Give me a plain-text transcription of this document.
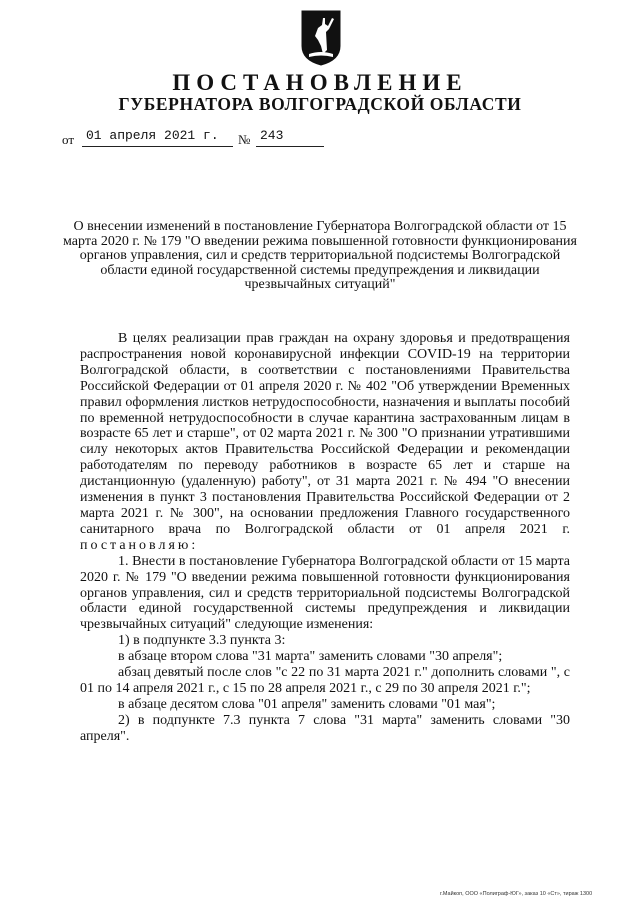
ПОСТАНОВЛЕНИЕ
ГУБЕРНАТОРА ВОЛГОГРАДСКОЙ ОБЛАСТИ
от 01 апреля 2021 г.	№ 243

О внесении изменений в постановление Губернатора Волгоградской области от 15 марта 2020 г. № 179 "О введении режима повышенной готовности функционирования органов управления, сил и средств территориальной подсистемы Волгоградской области единой государственной системы предупреждения и ликвидации чрезвычайных ситуаций"

В целях реализации прав граждан на охрану здоровья и предотвращения распространения новой коронавирусной инфекции COVID-19 на территории Волгоградской области, в соответствии с постановлениями Правительства Российской Федерации от 01 апреля 2020 г. № 402 "Об утверждении Временных правил оформления листков нетрудоспособности, назначения и выплаты пособий по временной нетрудоспособности в случае карантина застрахованным лицам в возрасте 65 лет и старше", от 02 марта 2021 г. № 300 "О признании утратившими силу некоторых актов Правительства Российской Федерации и рекомендации работодателям по переводу работников в возрасте 65 лет и старше на дистанционную (удаленную) работу", от 31 марта 2021 г. № 494 "О внесении изменения в пункт 3 постановления Правительства Российской Федерации от 2 марта 2021 г. № 300", на основании предложения Главного государственного санитарного врача по Волгоградской области от 01 апреля 2021 г. постановляю:

1. Внести в постановление Губернатора Волгоградской области от 15 марта 2020 г. № 179 "О введении режима повышенной готовности функционирования органов управления, сил и средств территориальной подсистемы Волгоградской области единой государственной системы предупреждения и ликвидации чрезвычайных ситуаций" следующие изменения:

1) в подпункте 3.3 пункта 3:

в абзаце втором слова "31 марта" заменить словами "30 апреля";

абзац девятый после слов "с 22 по 31 марта 2021 г." дополнить словами ", с 01 по 14 апреля 2021 г., с 15 по 28 апреля 2021 г., с 29 по 30 апреля 2021 г.";

в абзаце десятом слова "01 апреля" заменить словами "01 мая";

2) в подпункте 7.3 пункта 7 слова "31 марта" заменить словами "30 апреля".

г.Майкоп, ООО «Полиграф-ЮГ», заказ 10 «Ст», тираж 1300
